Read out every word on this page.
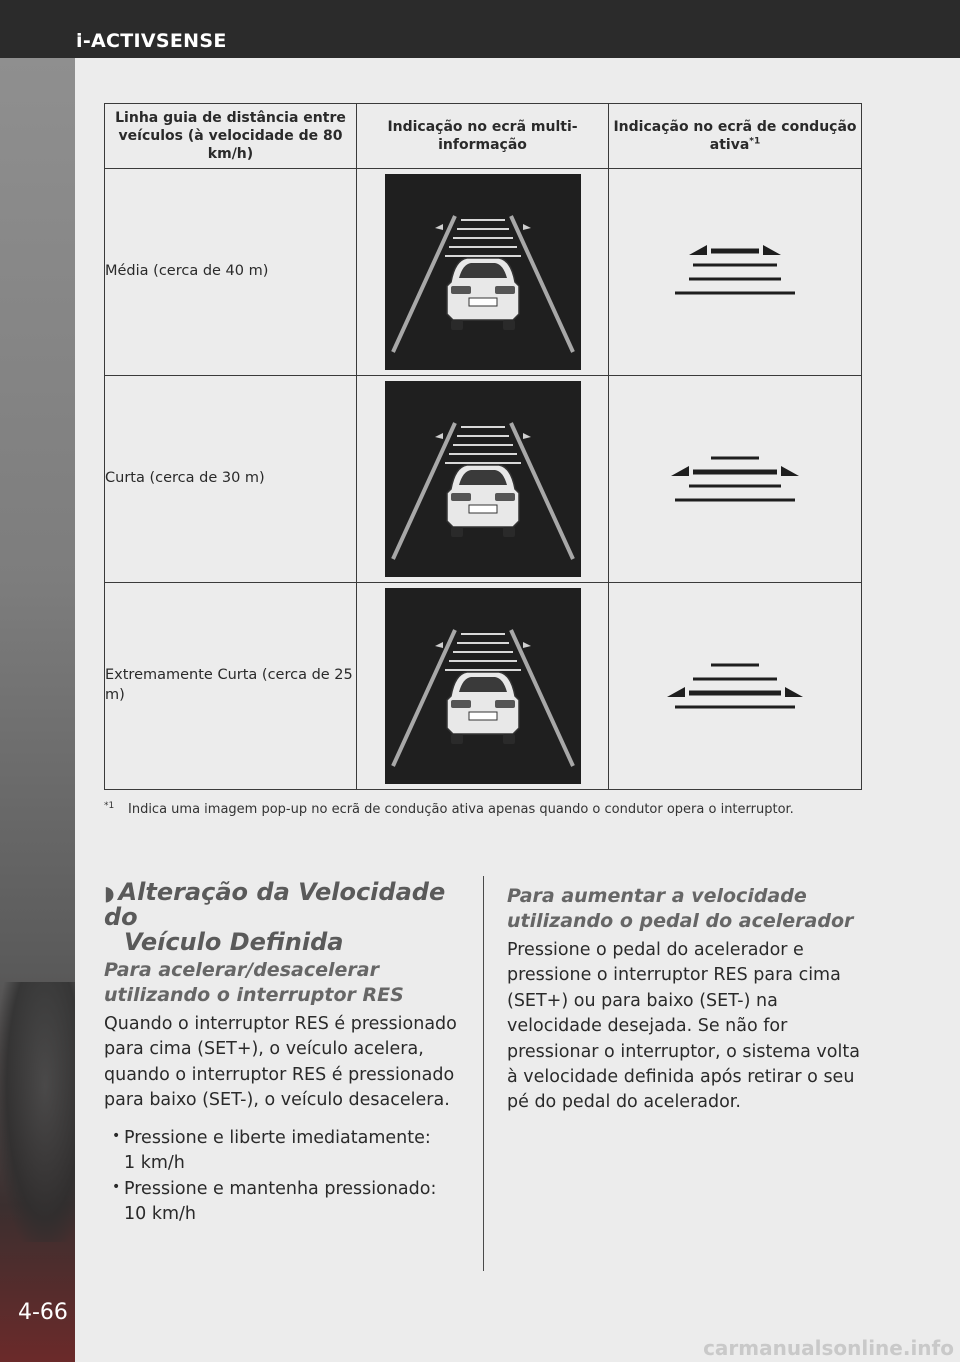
i-ACTIVSENSE
4-66
Linha guia de distância entre veículos (à velocidade de 80 km/h)	Indicação no ecrã multi-informação	Indicação no ecrã de condução ativa$^{*1}$
Média (cerca de 40 m)	

Curta (cerca de 30 m)	

Extremamente Curta (cerca de 25 m)	

$^{*1}$ Indica uma imagem pop-up no ecrã de condução ativa apenas quando o condutor opera o interruptor.
◗ Alteração da Velocidade do
Veículo Definida
Para acelerar/desacelerar
utilizando o interruptor RES
Quando o interruptor RES é pressionado para cima (SET+), o veículo acelera, quando o interruptor RES é pressionado para baixo (SET-), o veículo desacelera.
• Pressione e liberte imediatamente:
1 km/h
• Pressione e mantenha pressionado:
10 km/h
Para aumentar a velocidade
utilizando o pedal do acelerador
Pressione o pedal do acelerador e pressione o interruptor RES para cima (SET+) ou para baixo (SET-) na velocidade desejada. Se não for pressionar o interruptor, o sistema volta à velocidade definida após retirar o seu pé do pedal do acelerador.
carmanualsonline.info
